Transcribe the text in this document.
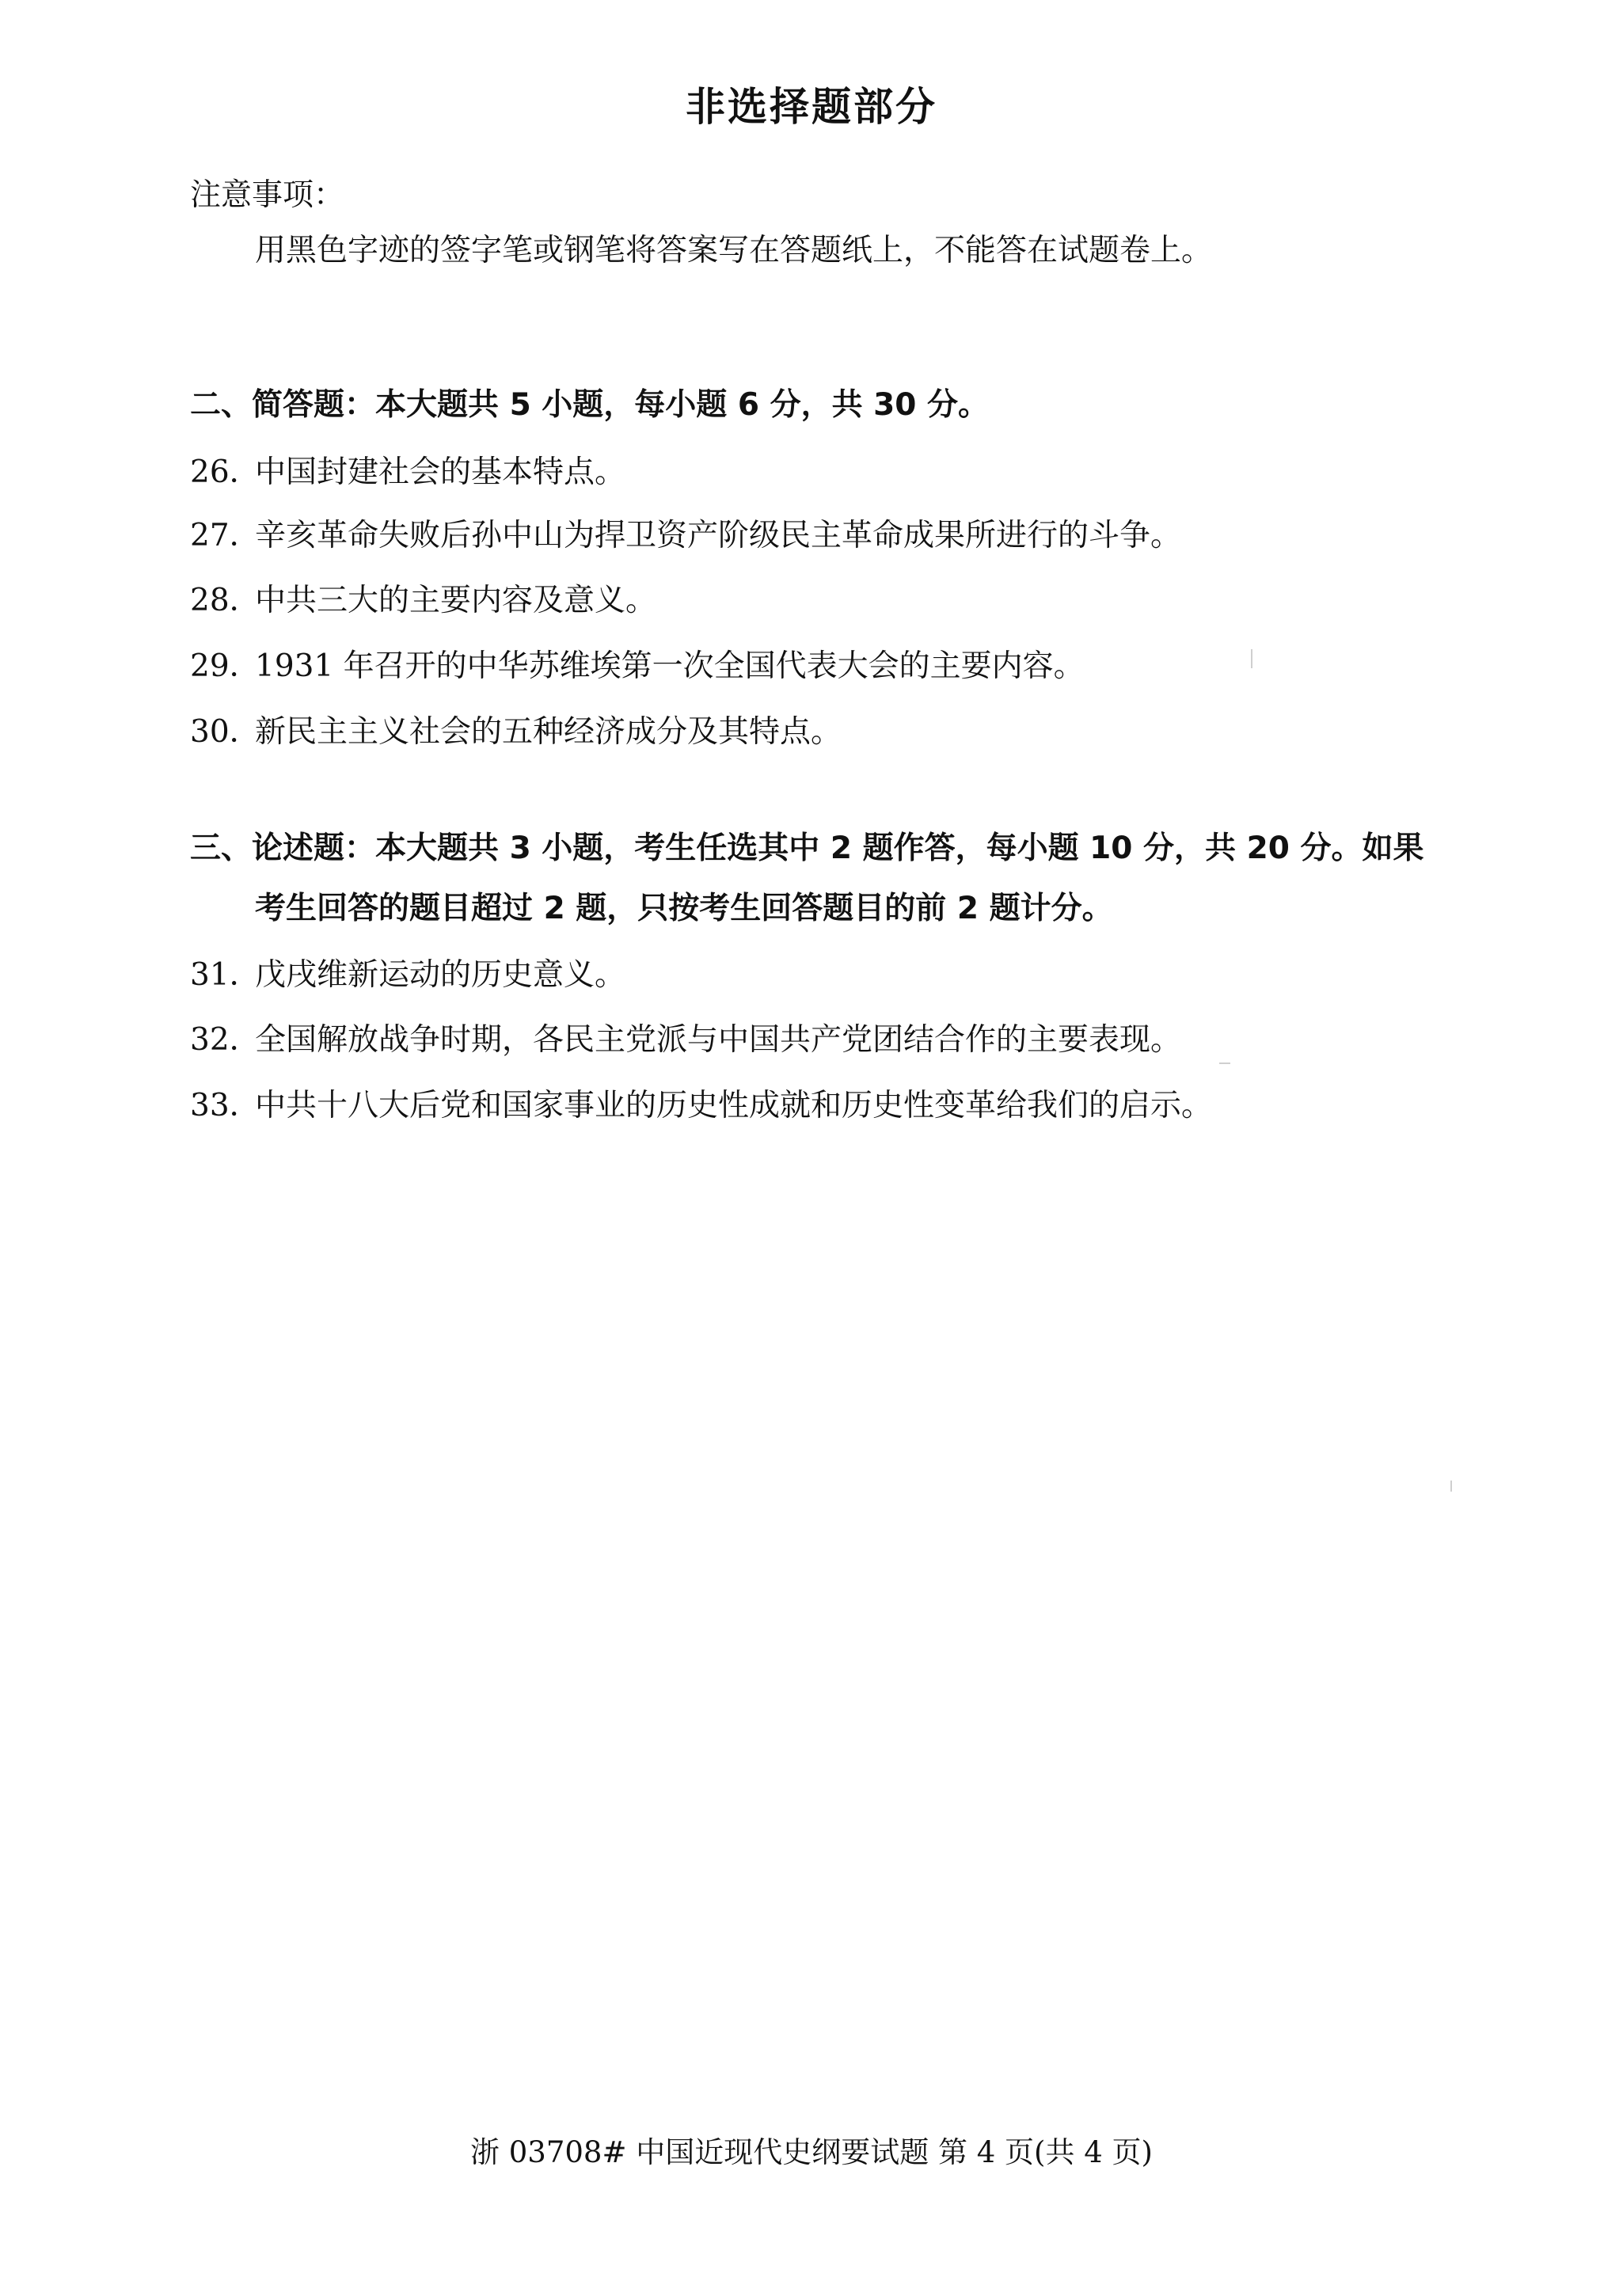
非选择题部分
注意事项：
用黑色字迹的签字笔或钢笔将答案写在答题纸上，不能答在试题卷上。
二、简答题：本大题共 5 小题，每小题 6 分，共 30 分。
26．中国封建社会的基本特点。
27．辛亥革命失败后孙中山为捍卫资产阶级民主革命成果所进行的斗争。
28．中共三大的主要内容及意义。
29．1931 年召开的中华苏维埃第一次全国代表大会的主要内容。
30．新民主主义社会的五种经济成分及其特点。
三、论述题：本大题共 3 小题，考生任选其中 2 题作答，每小题 10 分，共 20 分。如果
考生回答的题目超过 2 题，只按考生回答题目的前 2 题计分。
31．戊戌维新运动的历史意义。
32．全国解放战争时期，各民主党派与中国共产党团结合作的主要表现。
33．中共十八大后党和国家事业的历史性成就和历史性变革给我们的启示。
浙 03708# 中国近现代史纲要试题 第 4 页(共 4 页)
